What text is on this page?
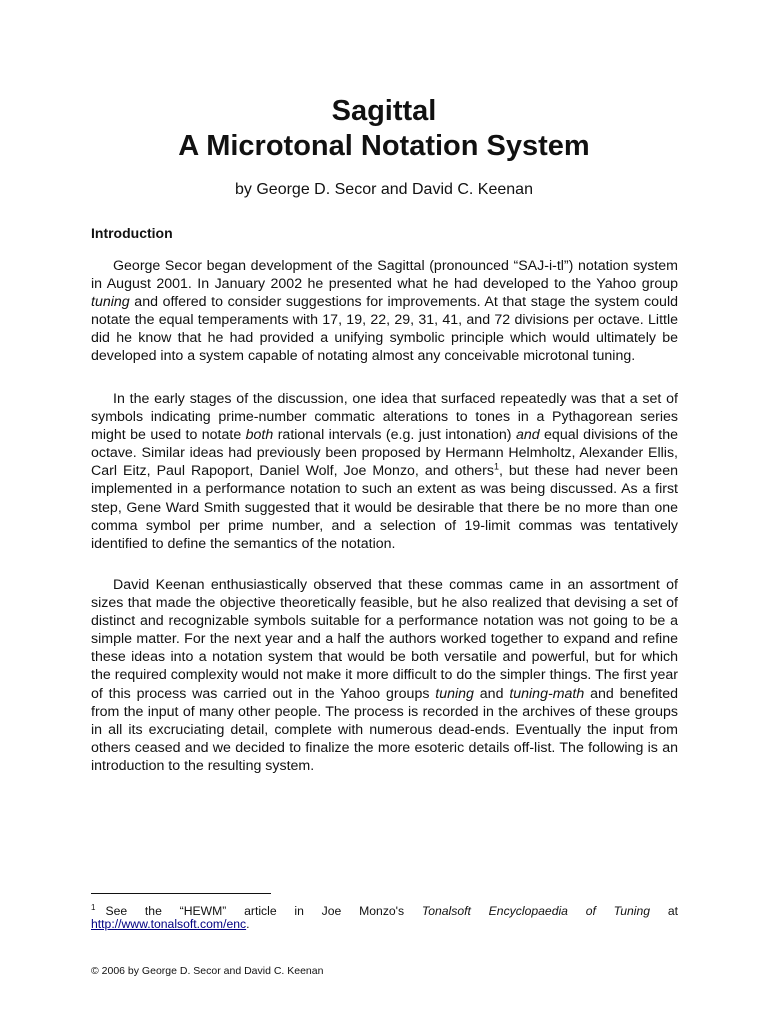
Sagittal
A Microtonal Notation System
by George D. Secor and David C. Keenan
Introduction

George Secor began development of the Sagittal (pronounced “SAJ-i-tl”) notation system in August 2001. In January 2002 he presented what he had developed to the Yahoo group tuning and offered to consider suggestions for improvements. At that stage the system could notate the equal temperaments with 17, 19, 22, 29, 31, 41, and 72 divisions per octave. Little did he know that he had provided a unifying symbolic principle which would ultimately be developed into a system capable of notating almost any conceivable microtonal tuning.

In the early stages of the discussion, one idea that surfaced repeatedly was that a set of symbols indicating prime-number commatic alterations to tones in a Pythagorean series might be used to notate both rational intervals (e.g. just intonation) and equal divisions of the octave. Similar ideas had previously been proposed by Hermann Helmholtz, Alexander Ellis, Carl Eitz, Paul Rapoport, Daniel Wolf, Joe Monzo, and others$^1$, but these had never been implemented in a performance notation to such an extent as was being discussed. As a first step, Gene Ward Smith suggested that it would be desirable that there be no more than one comma symbol per prime number, and a selection of 19-limit commas was tentatively identified to define the semantics of the notation.

David Keenan enthusiastically observed that these commas came in an assortment of sizes that made the objective theoretically feasible, but he also realized that devising a set of distinct and recognizable symbols suitable for a performance notation was not going to be a simple matter. For the next year and a half the authors worked together to expand and refine these ideas into a notation system that would be both versatile and powerful, but for which the required complexity would not make it more difficult to do the simpler things. The first year of this process was carried out in the Yahoo groups tuning and tuning-math and benefited from the input of many other people. The process is recorded in the archives of these groups in all its excruciating detail, complete with numerous dead-ends. Eventually the input from others ceased and we decided to finalize the more esoteric details off-list. The following is an introduction to the resulting system.

$^1$ See the “HEWM” article in Joe Monzo's Tonalsoft Encyclopaedia of Tuning at
http://www.tonalsoft.com/enc.
© 2006 by George D. Secor and David C. Keenan
